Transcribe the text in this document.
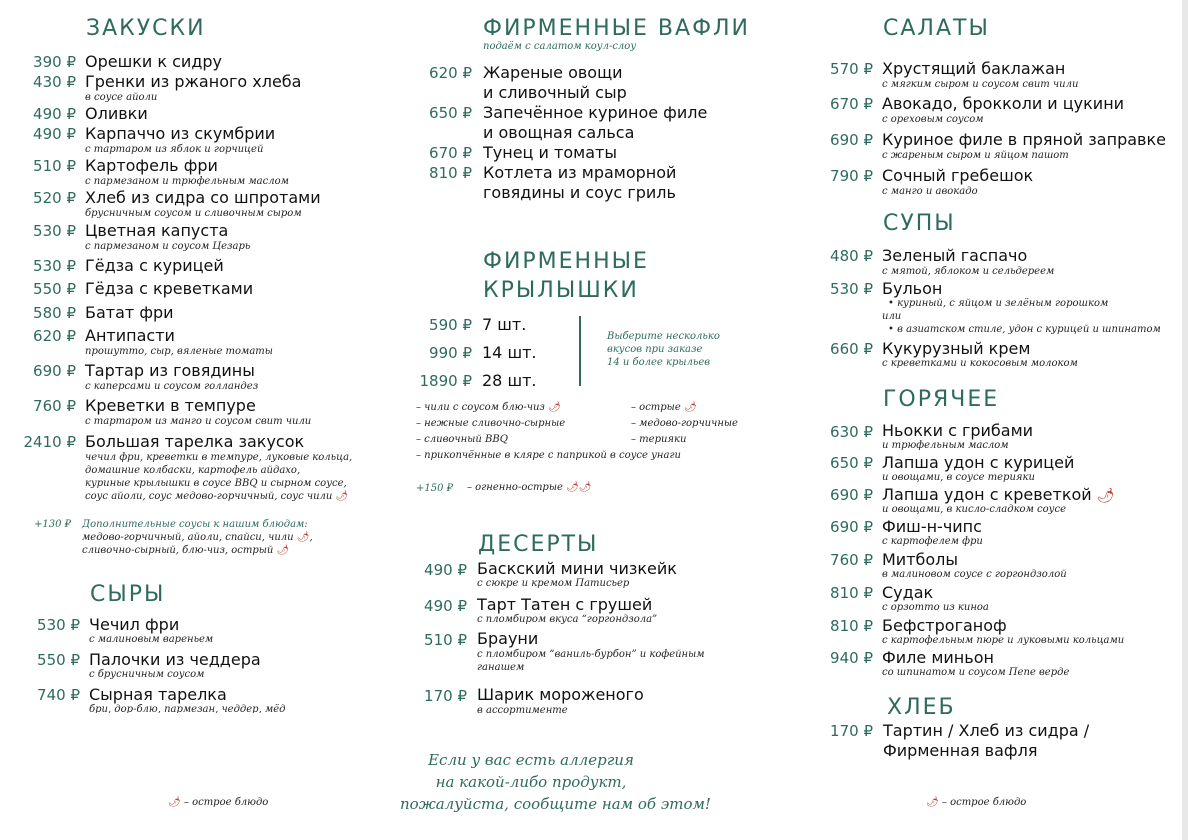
ЗАКУСКИ
390 ₽ Орешки к сидру
430 ₽ Гренки из ржаного хлеба
в соусе айоли
490 ₽ Оливки
490 ₽ Карпаччо из скумбрии
с тартаром из яблок и горчицей
510 ₽ Картофель фри
с пармезаном и трюфельным маслом
520 ₽ Хлеб из сидра со шпротами
брусничным соусом и сливочным сыром
530 ₽ Цветная капуста
с пармезаном и соусом Цезарь
530 ₽ Гёдза с курицей
550 ₽ Гёдза с креветками
580 ₽ Батат фри
620 ₽ Антипасти
прошутто, сыр, вяленые томаты
690 ₽ Тартар из говядины
с каперсами и соусом голландез
760 ₽ Креветки в темпуре
с тартаром из манго и соусом свит чили
2410 ₽ Большая тарелка закусок
чечил фри, креветки в темпуре, луковые кольца,
домашние колбаски, картофель айдахо,
куриные крылышки в соусе BBQ и сырном соусе,
соус айоли, соус медово-горчичный, соус чили 🌶
+130 ₽ Дополнительные соусы к нашим блюдам:
медово-горчичный, айоли, спайси, чили 🌶,
сливочно-сырный, блю-чиз, острый 🌶
СЫРЫ
530 ₽ Чечил фри
с малиновым вареньем
550 ₽ Палочки из чеддера
с брусничным соусом
740 ₽ Сырная тарелка
бри, дор-блю, пармезан, чеддер, мёд
🌶 – острое блюдо
ФИРМЕННЫЕ ВАФЛИ
подаём с салатом коул-слоу
620 ₽ Жареные овощи
и сливочный сыр
650 ₽ Запечённое куриное филе
и овощная сальса
670 ₽ Тунец и томаты
810 ₽ Котлета из мраморной
говядины и соус гриль
ФИРМЕННЫЕ
КРЫЛЫШКИ
590 ₽ 7 шт.
990 ₽ 14 шт.
1890 ₽ 28 шт.
Выберите несколько
вкусов при заказе
14 и более крыльев
– чили с соусом блю-чиз 🌶
– нежные сливочно-сырные
– сливочный BBQ
– прикопчённые в кляре с паприкой в соусе унаги
– острые 🌶
– медово-горчичные
– терияки
+150 ₽ – огненно-острые 🌶🌶
ДЕСЕРТЫ
490 ₽ Баскский мини чизкейк
с сюкре и кремом Патисьер
490 ₽ Тарт Татен с грушей
с пломбиром вкуса “горгондзола”
510 ₽ Брауни
с пломбиром “ваниль-бурбон” и кофейным
ганашем
170 ₽ Шарик мороженого
в ассортименте
Если у вас есть аллергия
на какой-либо продукт,
пожалуйста, сообщите нам об этом!
САЛАТЫ
570 ₽ Хрустящий баклажан
с мягким сыром и соусом свит чили
670 ₽ Авокадо, брокколи и цукини
с ореховым соусом
690 ₽ Куриное филе в пряной заправке
с жареным сыром и яйцом пашот
790 ₽ Сочный гребешок
с манго и авокадо
СУПЫ
480 ₽ Зеленый гаспачо
с мятой, яблоком и сельдереем
530 ₽ Бульон
• куриный, с яйцом и зелёным горошком
или
• в азиатском стиле, удон с курицей и шпинатом
660 ₽ Кукурузный крем
с креветками и кокосовым молоком
ГОРЯЧЕЕ
630 ₽ Ньокки с грибами
и трюфельным маслом
650 ₽ Лапша удон с курицей
и овощами, в соусе терияки
690 ₽ Лапша удон с креветкой 🌶
и овощами, в кисло-сладком соусе
690 ₽ Фиш-н-чипс
с картофелем фри
760 ₽ Митболы
в малиновом соусе с горгондзолой
810 ₽ Судак
с орзотто из киноа
810 ₽ Бефстроганоф
с картофельным пюре и луковыми кольцами
940 ₽ Филе миньон
со шпинатом и соусом Пепе верде
ХЛЕБ
170 ₽ Тартин / Хлеб из сидра /
Фирменная вафля
🌶 – острое блюдо
